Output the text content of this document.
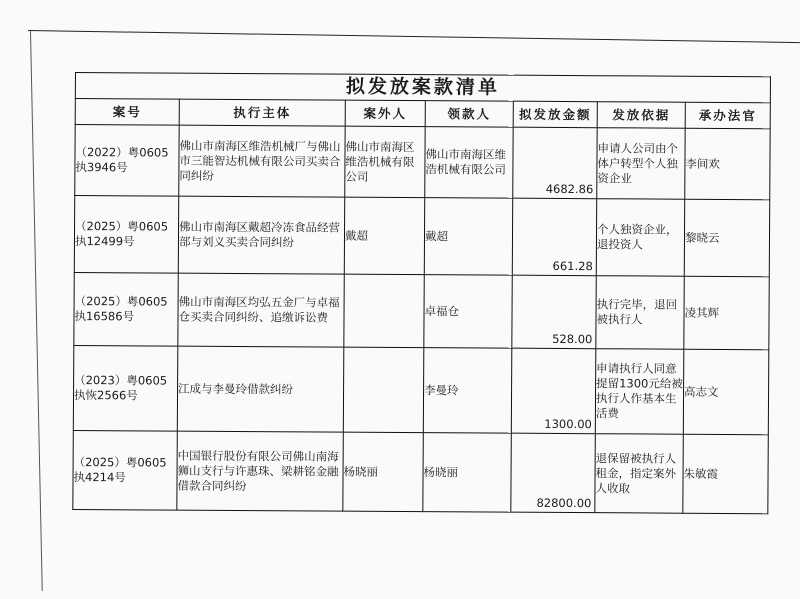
拟发放案款清单						
案号	执行主体	案外人	领款人	拟发放金额	发放依据	承办法官
（2022）粤0605执3946号	佛山市南海区维浩机械厂与佛山市三能智达机械有限公司买卖合同纠纷	佛山市南海区维浩机械有限公司	佛山市南海区维浩机械有限公司	4682.86	申请人公司由个体户转型个人独资企业	李间欢
（2025）粤0605执12499号	佛山市南海区戴超冷冻食品经营部与刘义买卖合同纠纷	戴超	戴超	661.28	个人独资企业，退投资人	黎晓云
（2025）粤0605执16586号	佛山市南海区均弘五金厂与卓福仓买卖合同纠纷、追缴诉讼费		卓福仓	528.00	执行完毕，退回被执行人	凌其辉
（2023）粤0605执恢2566号	江成与李曼玲借款纠纷		李曼玲	1300.00	申请执行人同意提留1300元给被执行人作基本生活费	高志文
（2025）粤0605执4214号	中国银行股份有限公司佛山南海狮山支行与许惠珠、梁耕铭金融借款合同纠纷	杨晓丽	杨晓丽	82800.00	退保留被执行人租金，指定案外人收取	朱敏霞
